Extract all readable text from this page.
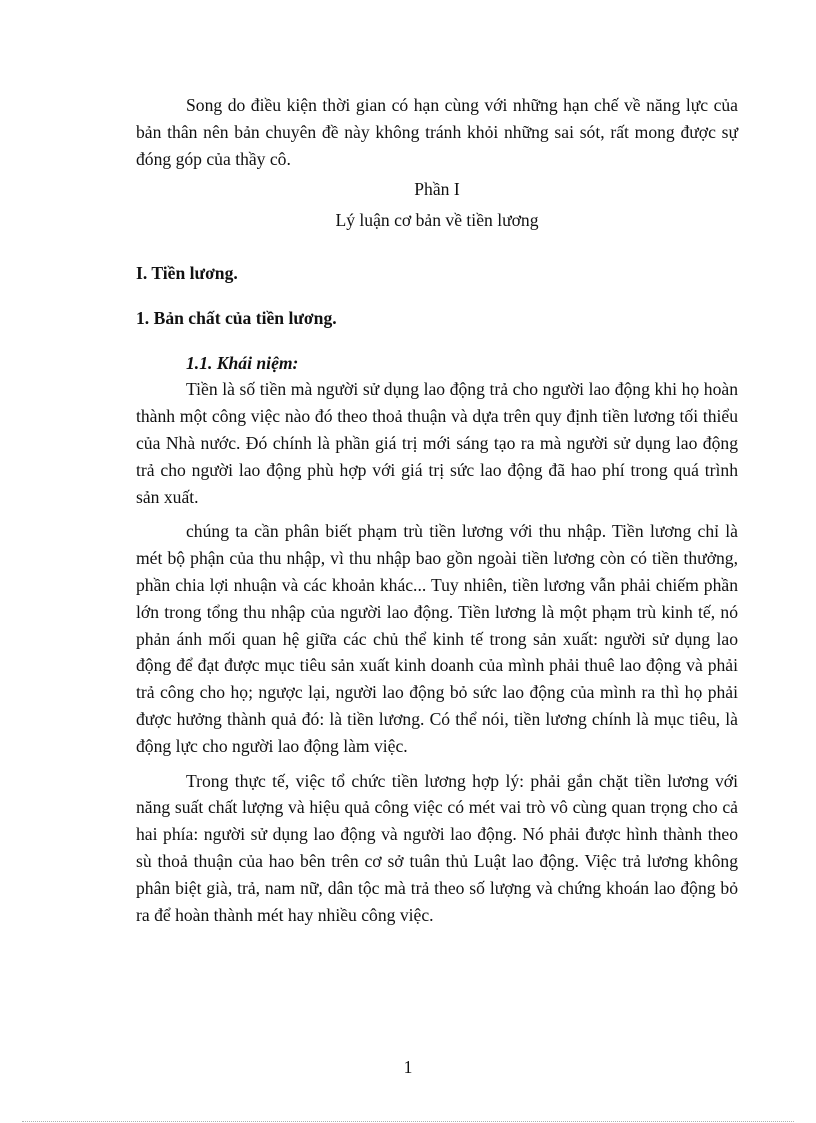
Song do điều kiện thời gian có hạn cùng với những hạn chế về năng lực của bản thân nên bản chuyên đề này không tránh khỏi những sai sót, rất mong được sự đóng góp của thầy cô.

Phần I

Lý luận cơ bản về tiền lương

I. Tiền lương.

1. Bản chất của tiền lương.

1.1. Khái niệm:

Tiền là số tiền mà người sử dụng lao động trả cho người lao động khi họ hoàn thành một công việc nào đó theo thoả thuận và dựa trên quy định tiền lương tối thiểu của Nhà nước. Đó chính là phần giá trị mới sáng tạo ra mà người sử dụng lao động trả cho người lao động phù hợp với giá trị sức lao động đã hao phí trong quá trình sản xuất.

chúng ta cần phân biết phạm trù tiền lương với thu nhập. Tiền lương chỉ là mét bộ phận của thu nhập, vì thu nhập bao gồn ngoài tiền lương còn có tiền thưởng, phần chia lợi nhuận và các khoản khác... Tuy nhiên, tiền lương vẫn phải chiếm phần lớn trong tổng thu nhập của người lao động. Tiền lương là một phạm trù kinh tế, nó phản ánh mối quan hệ giữa các chủ thể kinh tế trong sản xuất: người sử dụng lao động để đạt được mục tiêu sản xuất kinh doanh của mình phải thuê lao động và phải trả công cho họ; ngược lại, người lao động bỏ sức lao động của mình ra thì họ phải được hưởng thành quả đó: là tiền lương. Có thể nói, tiền lương chính là mục tiêu, là động lực cho người lao động làm việc.

Trong thực tế, việc tổ chức tiền lương hợp lý: phải gắn chặt tiền lương với năng suất chất lượng và hiệu quả công việc có mét vai trò vô cùng quan trọng cho cả hai phía: người sử dụng lao động và người lao động. Nó phải được hình thành theo sù thoả thuận của hao bên trên cơ sở tuân thủ Luật lao động. Việc trả lương không phân biệt già, trả, nam nữ, dân tộc mà trả theo số lượng và chứng khoán lao động bỏ ra để hoàn thành mét hay nhiều công việc.

1
